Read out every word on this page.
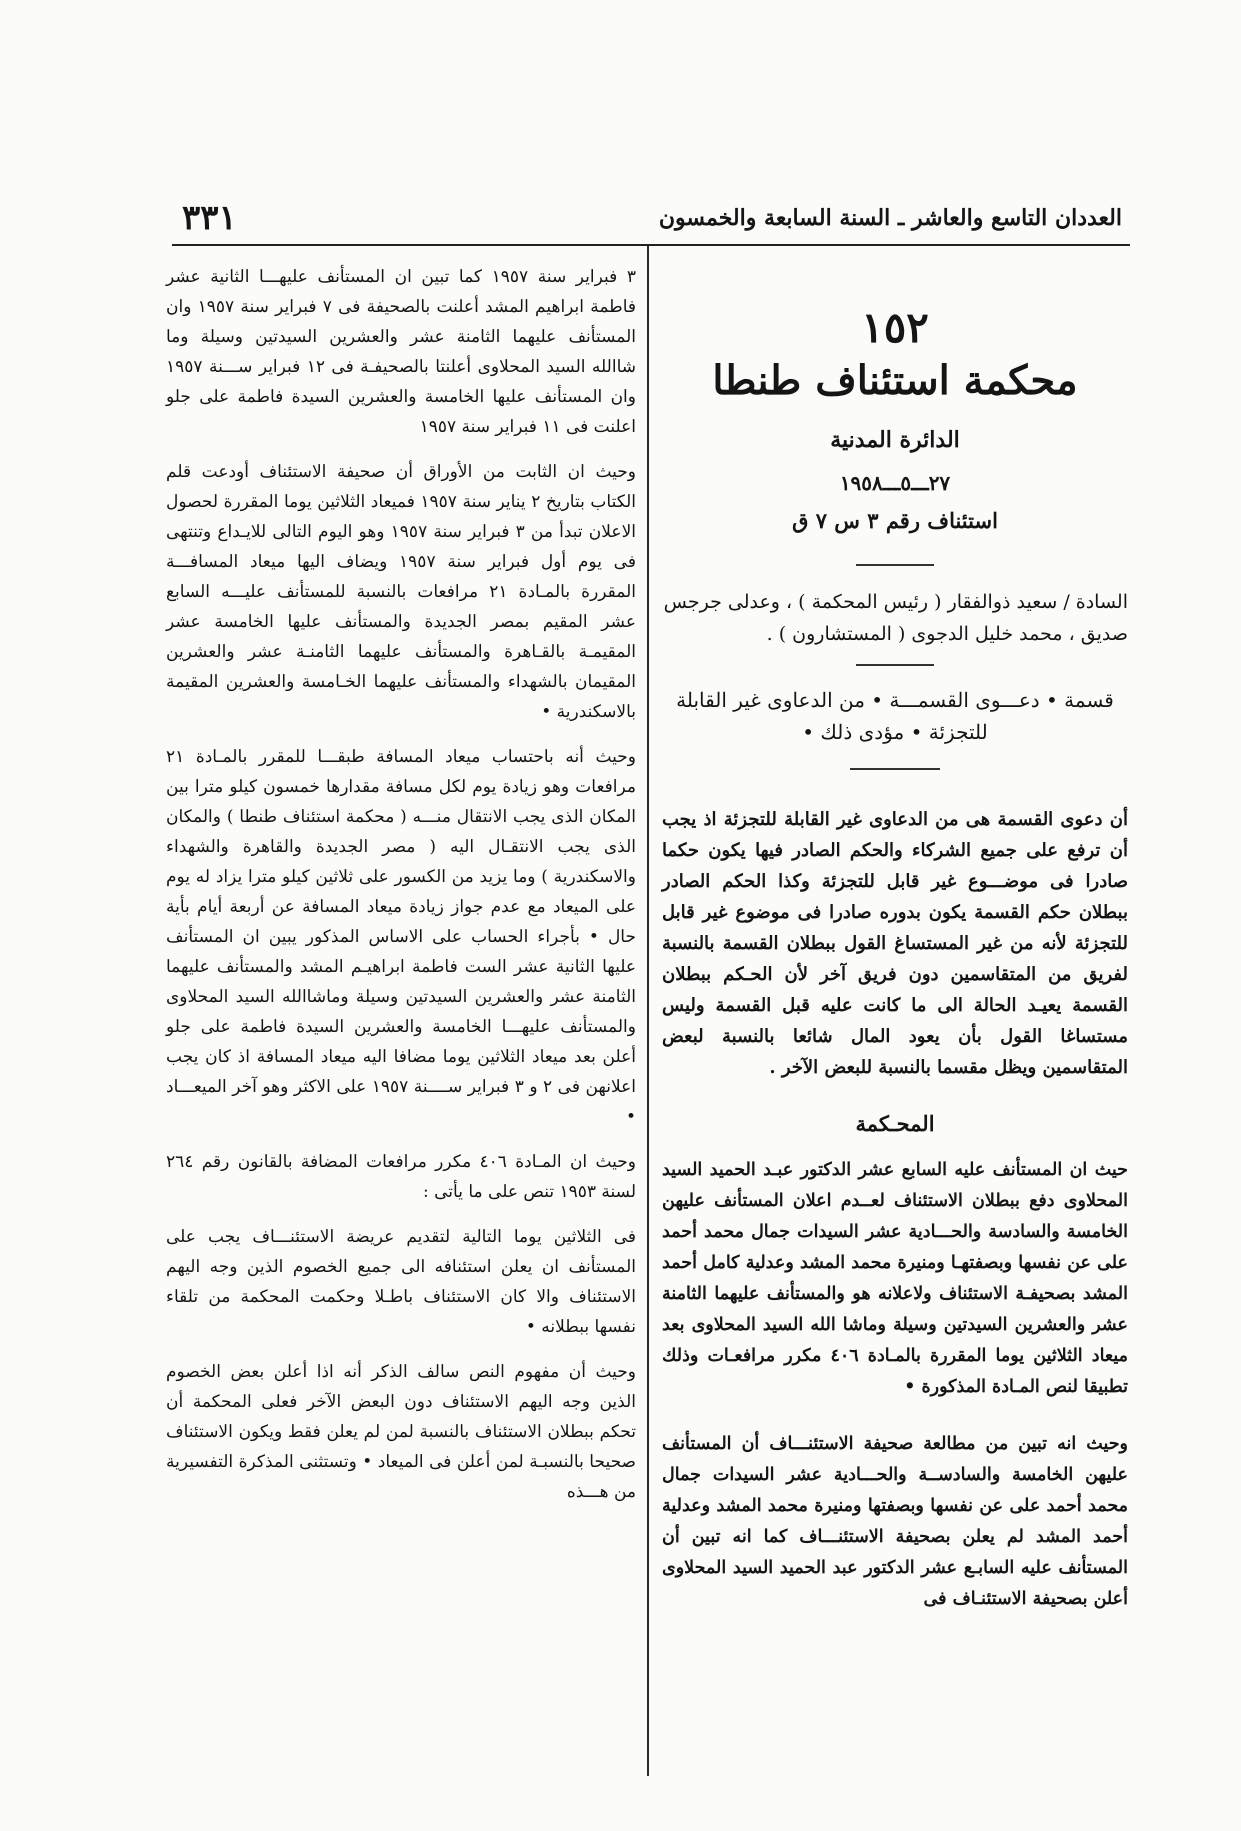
العددان التاسع والعاشر ـ السنة السابعة والخمسون
٣٣١
١٥٢
محكمة استئناف طنطا
الدائرة المدنية
٢٧ـــ٥ـــ١٩٥٨
استئناف رقم ٣ س ٧ ق
السادة / سعيد ذوالفقار ( رئيس المحكمة ) ، وعدلى جرجس صديق ، محمد خليل الدجوى ( المستشارون ) .
قسمة • دعـــوى القسمـــة • من الدعاوى غير القابلة للتجزئة • مؤدى ذلك •

أن دعوى القسمة هى من الدعاوى غير القابلة للتجزئة اذ يجب أن ترفع على جميع الشركاء والحكم الصادر فيها يكون حكما صادرا فى موضـــوع غير قابل للتجزئة وكذا الحكم الصادر ببطلان حكم القسمة يكون بدوره صادرا فى موضوع غير قابل للتجزئة لأنه من غير المستساغ القول ببطلان القسمة بالنسبة لفريق من المتقاسمين دون فريق آخر لأن الحـكم ببطلان القسمة يعيـد الحالة الى ما كانت عليه قبل القسمة وليس مستساغا القول بأن يعود المال شائعا بالنسبة لبعض المتقاسمين ويظل مقسما بالنسبة للبعض الآخر .

المحـكمة

حيث ان المستأنف عليه السابع عشر الدكتور عبـد الحميد السيد المحلاوى دفع ببطلان الاستئناف لعــدم اعلان المستأنف عليهن الخامسة والسادسة والحـــادية عشر السيدات جمال محمد أحمد على عن نفسها وبصفتهـا ومنيرة محمد المشد وعدلية كامل أحمد المشد بصحيفـة الاستئناف ولاعلانه هو والمستأنف عليهما الثامنة عشر والعشرين السيدتين وسيلة وماشا الله السيد المحلاوى بعد ميعاد الثلاثين يوما المقررة بالمـادة ٤٠٦ مكرر مرافعـات وذلك تطبيقا لنص المـادة المذكورة •

وحيث انه تبين من مطالعة صحيفة الاستئنـــاف أن المستأنف عليهن الخامسة والسادســة والحـــادية عشر السيدات جمال محمد أحمد على عن نفسها وبصفتها ومنيرة محمد المشد وعدلية أحمد المشد لم يعلن بصحيفة الاستئنـــاف كما انه تبين أن المستأنف عليه السابـع عشر الدكتور عبد الحميد السيد المحلاوى أعلن بصحيفة الاستئنـاف فى

٣ فبراير سنة ١٩٥٧ كما تبين ان المستأنف عليهـــا الثانية عشر فاطمة ابراهيم المشد أعلنت بالصحيفة فى ٧ فبراير سنة ١٩٥٧ وان المستأنف عليهما الثامنة عشر والعشرين السيدتين وسيلة وما شاالله السيد المحلاوى أعلنتا بالصحيفـة فى ١٢ فبراير ســـنة ١٩٥٧ وان المستأنف عليها الخامسة والعشرين السيدة فاطمة على جلو اعلنت فى ١١ فبراير سنة ١٩٥٧

وحيث ان الثابت من الأوراق أن صحيفة الاستئناف أودعت قلم الكتاب بتاريخ ٢ يناير سنة ١٩٥٧ فميعاد الثلاثين يوما المقررة لحصول الاعلان تبدأ من ٣ فبراير سنة ١٩٥٧ وهو اليوم التالى للايـداع وتنتهى فى يوم أول فبراير سنة ١٩٥٧ ويضاف اليها ميعاد المسافـــة المقررة بالمـادة ٢١ مرافعات بالنسبة للمستأنف عليـــه السابع عشر المقيم بمصر الجديدة والمستأنف عليها الخامسة عشر المقيمـة بالقـاهرة والمستأنف عليهما الثامنـة عشر والعشرين المقيمان بالشهداء والمستأنف عليهما الخـامسة والعشرين المقيمة بالاسكندرية •

وحيث أنه باحتساب ميعاد المسافة طبقـــا للمقرر بالمـادة ٢١ مرافعات وهو زيادة يوم لكل مسافة مقدارها خمسون كيلو مترا بين المكان الذى يجب الانتقال منـــه ( محكمة استئناف طنطا ) والمكان الذى يجب الانتقـال اليه ( مصر الجديدة والقاهرة والشهداء والاسكندرية ) وما يزيد من الكسور على ثلاثين كيلو مترا يزاد له يوم على الميعاد مع عدم جواز زيادة ميعاد المسافة عن أربعة أيام بأية حال • بأجراء الحساب على الاساس المذكور يبين ان المستأنف عليها الثانية عشر الست فاطمة ابراهيـم المشد والمستأنف عليهما الثامنة عشر والعشرين السيدتين وسيلة وماشاالله السيد المحلاوى والمستأنف عليهـــا الخامسة والعشرين السيدة فاطمة على جلو أعلن بعد ميعاد الثلاثين يوما مضافا اليه ميعاد المسافة اذ كان يجب اعلانهن فى ٢ و ٣ فبراير ســــنة ١٩٥٧ على الاكثر وهو آخر الميعـــاد •

وحيث ان المـادة ٤٠٦ مكرر مرافعات المضافة بالقانون رقم ٢٦٤ لسنة ١٩٥٣ تنص على ما يأتى :

فى الثلاثين يوما التالية لتقديم عريضة الاستئنـــاف يجب على المستأنف ان يعلن استئنافه الى جميع الخصوم الذين وجه اليهم الاستئناف والا كان الاستئناف باطـلا وحكمت المحكمة من تلقاء نفسها ببطلانه •

وحيث أن مفهوم النص سالف الذكر أنه اذا أعلن بعض الخصوم الذين وجه اليهم الاستئناف دون البعض الآخر فعلى المحكمة أن تحكم ببطلان الاستئناف بالنسبة لمن لم يعلن فقط ويكون الاستئناف صحيحا بالنسبـة لمن أعلن فى الميعاد • وتستثنى المذكرة التفسيرية من هـــذه
